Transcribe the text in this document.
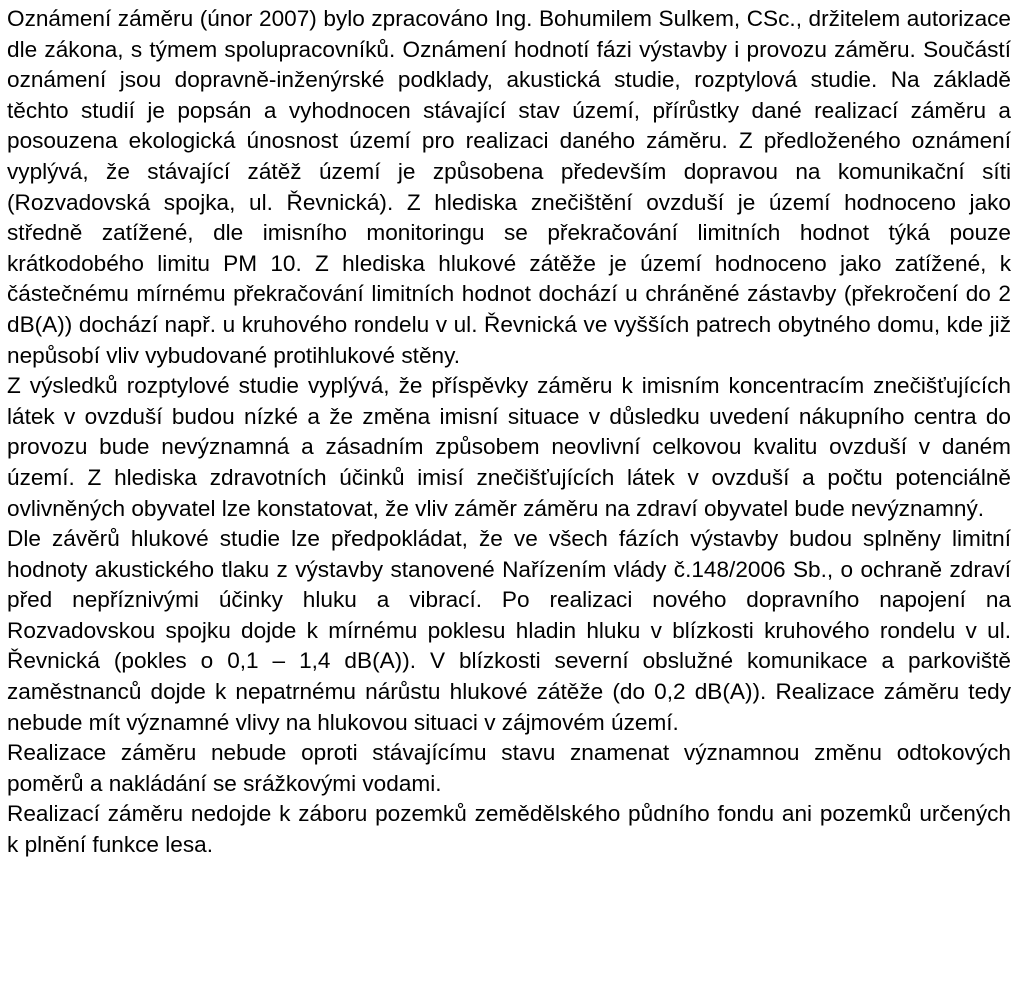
Oznámení záměru (únor 2007) bylo zpracováno Ing. Bohumilem Sulkem, CSc., držitelem autorizace dle zákona, s týmem spolupracovníků. Oznámení hodnotí fázi výstavby i provozu záměru. Součástí oznámení jsou dopravně-inženýrské podklady, akustická studie, rozptylová studie. Na základě těchto studií je popsán a vyhodnocen stávající stav území, přírůstky dané realizací záměru a posouzena ekologická únosnost území pro realizaci daného záměru. Z předloženého oznámení vyplývá, že stávající zátěž území je způsobena především dopravou na komunikační síti (Rozvadovská spojka, ul. Řevnická). Z hlediska znečištění ovzduší je území hodnoceno jako středně zatížené, dle imisního monitoringu se překračování limitních hodnot týká pouze krátkodobého limitu PM 10. Z hlediska hlukové zátěže je území hodnoceno jako zatížené, k částečnému mírnému překračování limitních hodnot dochází u chráněné zástavby (překročení do 2 dB(A)) dochází např. u kruhového rondelu v ul. Řevnická ve vyšších patrech obytného domu, kde již nepůsobí vliv vybudované protihlukové stěny.

Z výsledků rozptylové studie vyplývá, že příspěvky záměru k imisním koncentracím znečišťujících látek v ovzduší budou nízké a že změna imisní situace v důsledku uvedení nákupního centra do provozu bude nevýznamná a zásadním způsobem neovlivní celkovou kvalitu ovzduší v daném území. Z hlediska zdravotních účinků imisí znečišťujících látek v ovzduší a počtu potenciálně ovlivněných obyvatel lze konstatovat, že vliv záměr záměru na zdraví obyvatel bude nevýznamný.

Dle závěrů hlukové studie lze předpokládat, že ve všech fázích výstavby budou splněny limitní hodnoty akustického tlaku z výstavby stanovené Nařízením vlády č.148/2006 Sb., o ochraně zdraví před nepříznivými účinky hluku a vibrací. Po realizaci nového dopravního napojení na Rozvadovskou spojku dojde k mírnému poklesu hladin hluku v blízkosti kruhového rondelu v ul. Řevnická (pokles o 0,1 – 1,4 dB(A)). V blízkosti severní obslužné komunikace a parkoviště zaměstnanců dojde k nepatrnému nárůstu hlukové zátěže (do 0,2 dB(A)). Realizace záměru tedy nebude mít významné vlivy na hlukovou situaci v zájmovém území.

Realizace záměru nebude oproti stávajícímu stavu znamenat významnou změnu odtokových poměrů a nakládání se srážkovými vodami.

Realizací záměru nedojde k záboru pozemků zemědělského půdního fondu ani pozemků určených k plnění funkce lesa.
